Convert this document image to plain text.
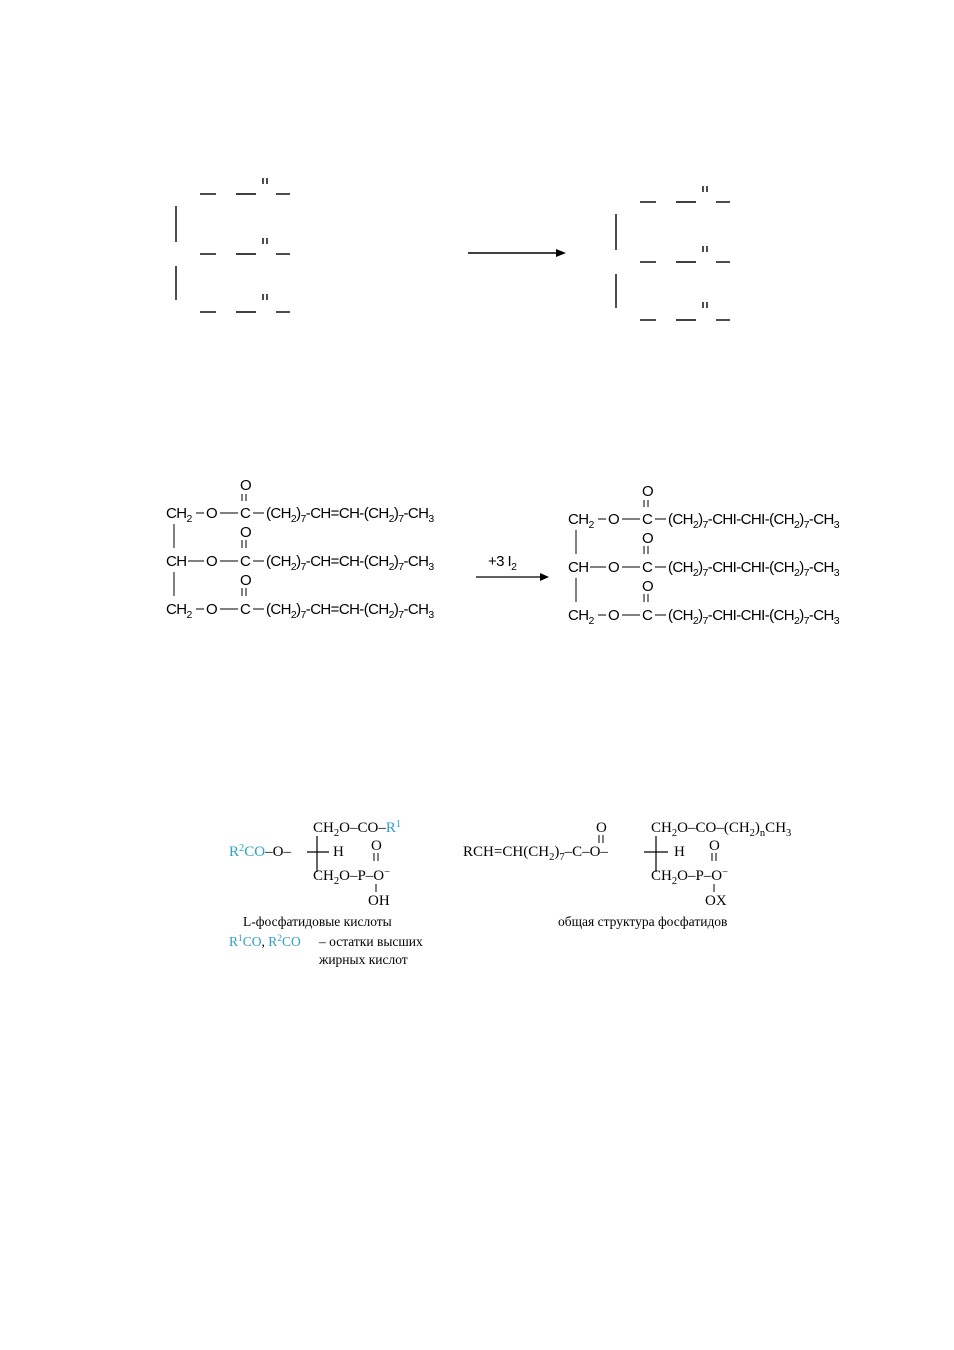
O
$CH_2$ O C $(CH_2)_7-CH=CH-(CH_2)_7-CH_3$
O
CH O C $(CH_2)_7-CH=CH-(CH_2)_7-CH_3$
O
$CH_2$ O C $(CH_2)_7-CH=CH-(CH_2)_7-CH_3$
+3 $I_2$
O
$CH_2$ O C $(CH_2)_7-CHI-CHI-(CH_2)_7-CH_3$
O
CH O C $(CH_2)_7-CHI-CHI-(CH_2)_7-CH_3$
O
$CH_2$ O C $(CH_2)_7-CHI-CHI-(CH_2)_7-CH_3$
$CH_2O-CO-R^1$
$R^2CO-O-$	H O
$CH_2O-P-O^-$
OH
L-фосфатидовые кислоты
$R^1CO$, $R^2CO$ – остатки высших
жирных кислот
$RCH=CH(CH_2)_7-C-O-$
O	$CH_2O-CO-(CH_2)_nCH_3$
H O
$CH_2O-P-O^-$
OX
общая структура фосфатидов
